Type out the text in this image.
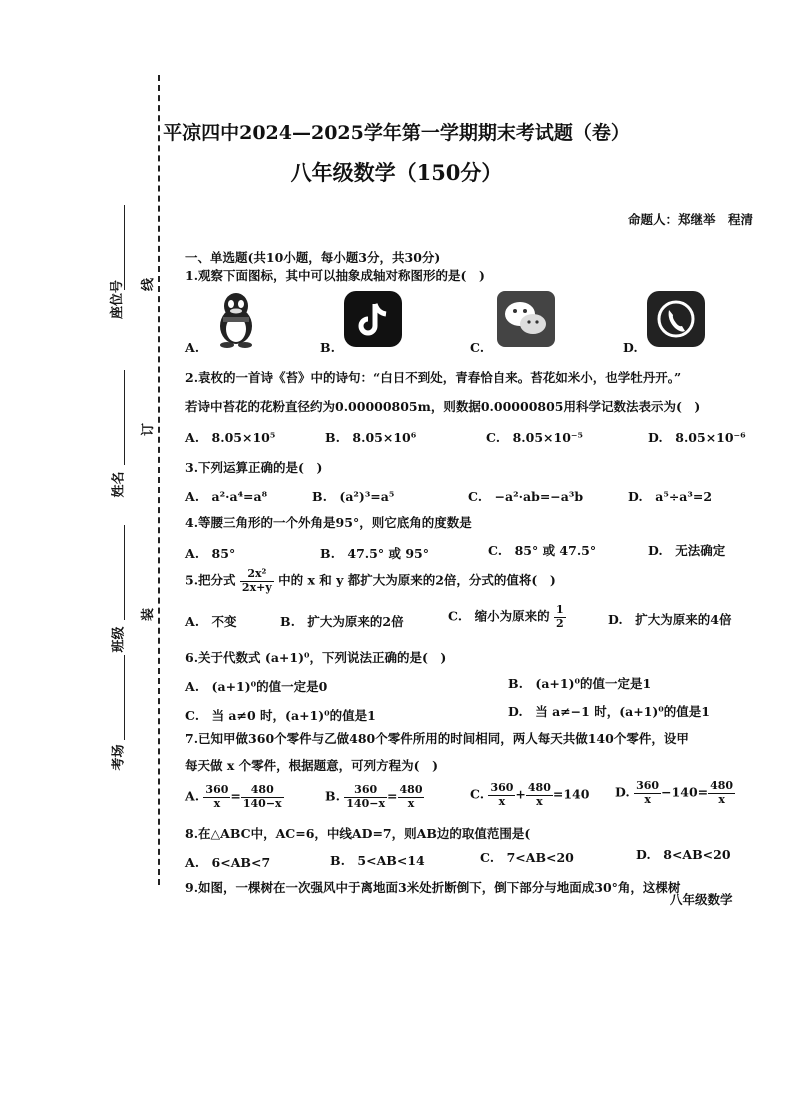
线
订
装
座位号
姓名
班级
考场
平凉四中2024—2025学年第一学期期末考试题（卷）
八年级数学（150分）
命题人：郑继举　程清
一、单选题(共10小题，每小题3分，共30分)
1.观察下面图标，其中可以抽象成轴对称图形的是(　)
A.	B.	C.	D.
2.袁枚的一首诗《苔》中的诗句：“白日不到处，青春恰自来。苔花如米小，也学牡丹开。”
若诗中苔花的花粉直径约为0.00000805m，则数据0.00000805用科学记数法表示为(　)
A.　8.05×10⁵	B.　8.05×10⁶	C.　8.05×10⁻⁵	D.　8.05×10⁻⁶
3.下列运算正确的是(　)
A.　a²·a⁴=a⁸	B.　(a²)³=a⁵	C.　−a²·ab=−a³b	D.　a⁵÷a³=2
4.等腰三角形的一个外角是95°，则它底角的度数是
A.　85°	B.　47.5° 或 95°	C.　85° 或 47.5°	D.　无法确定
5.把分式 $\frac{\text{2x²}}{2x+y}$ 中的 x 和 y 都扩大为原来的2倍，分式的值将(　)
A.　不变	B.　扩大为原来的2倍	C.　缩小为原来的 $\frac{1}{2}$	D.　扩大为原来的4倍
6.关于代数式 (a+1)⁰，下列说法正确的是(　)
A.　(a+1)⁰的值一定是0	B.　(a+1)⁰的值一定是1
C.　当 a≠0 时，(a+1)⁰的值是1	D.　当 a≠−1 时，(a+1)⁰的值是1
7.已知甲做360个零件与乙做480个零件所用的时间相同，两人每天共做140个零件，设甲
每天做 x 个零件，根据题意，可列方程为(　)
A. $\frac{360}{x} = \frac{480}{140-x}$	B. $\frac{360}{140-x} = \frac{480}{x}$	C. $\frac{360}{x} + \frac{480}{x} =140$ D. $\frac{360}{x} -140= \frac{480}{x}$
8.在△ABC中，AC=6，中线AD=7，则AB边的取值范围是(
A.　6<AB<7	B.　5<AB<14	C.　7<AB<20	D.　8<AB<20
9.如图，一棵树在一次强风中于离地面3米处折断倒下，倒下部分与地面成30°角，这棵树
八年级数学
